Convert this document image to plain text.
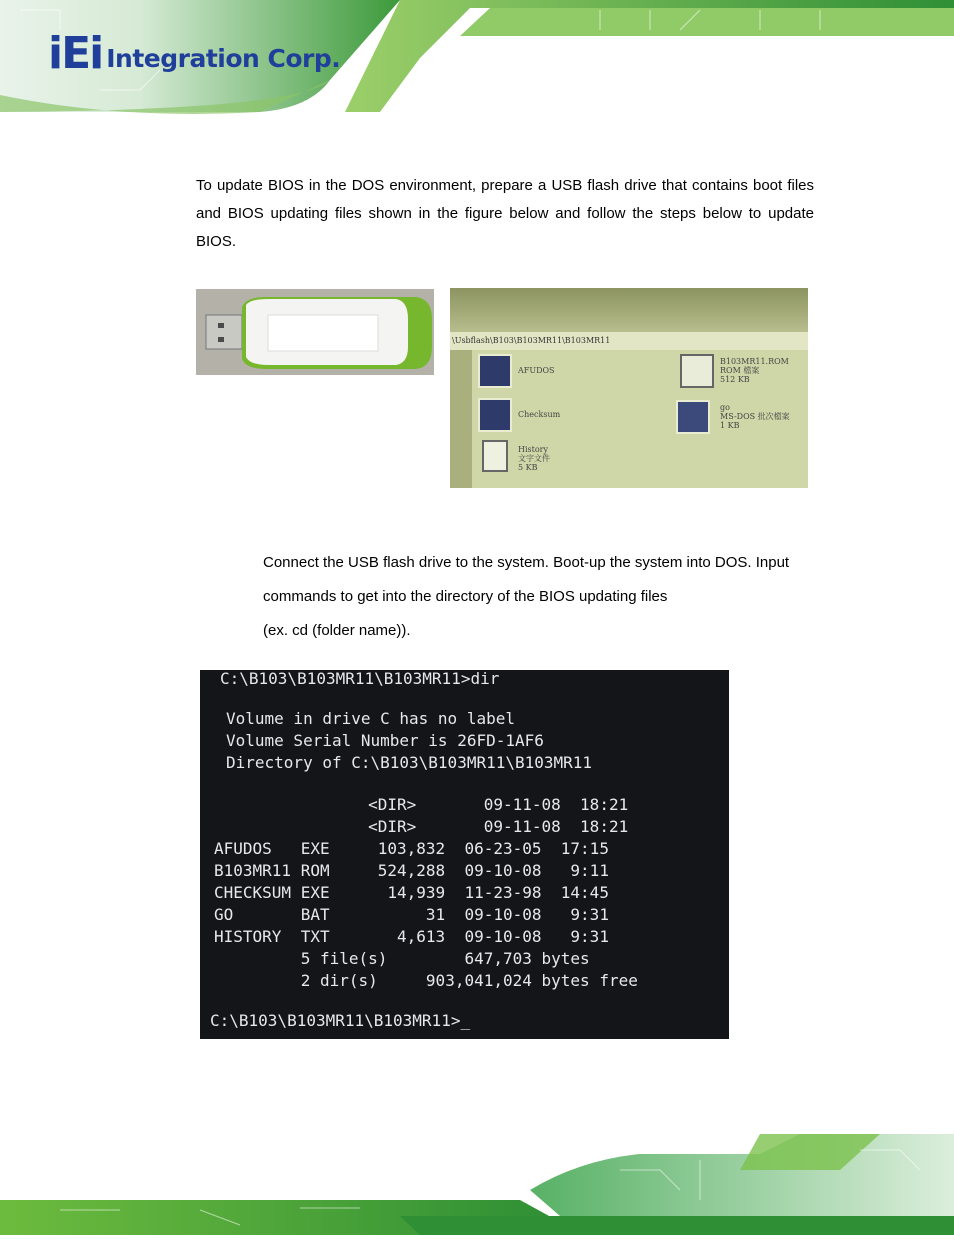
iEi Integration Corp.
To update BIOS in the DOS environment, prepare a USB flash drive that contains boot files and BIOS updating files shown in the figure below and follow the steps below to update BIOS.
\Usbflash\B103\B103MR11\B103MR11
AFUDOS
Checksum
History
文字文件
5 KB
B103MR11.ROM
ROM 檔案
512 KB
go
MS-DOS 批次檔案
1 KB
Connect the USB flash drive to the system. Boot-up the system into DOS. Input
commands to get into the directory of the BIOS updating files
(ex. cd (folder name)).

C:\B103\B103MR11\B103MR11>dir

Volume in drive C has no label

Volume Serial Number is 26FD-1AF6

Directory of C:\B103\B103MR11\B103MR11

<DIR>       09-11-08  18:21

<DIR>       09-11-08  18:21

AFUDOS   EXE     103,832  06-23-05  17:15

B103MR11 ROM     524,288  09-10-08   9:11

CHECKSUM EXE      14,939  11-23-98  14:45

GO       BAT          31  09-10-08   9:31

HISTORY  TXT       4,613  09-10-08   9:31

5 file(s)        647,703 bytes

2 dir(s)     903,041,024 bytes free

C:\B103\B103MR11\B103MR11>_
